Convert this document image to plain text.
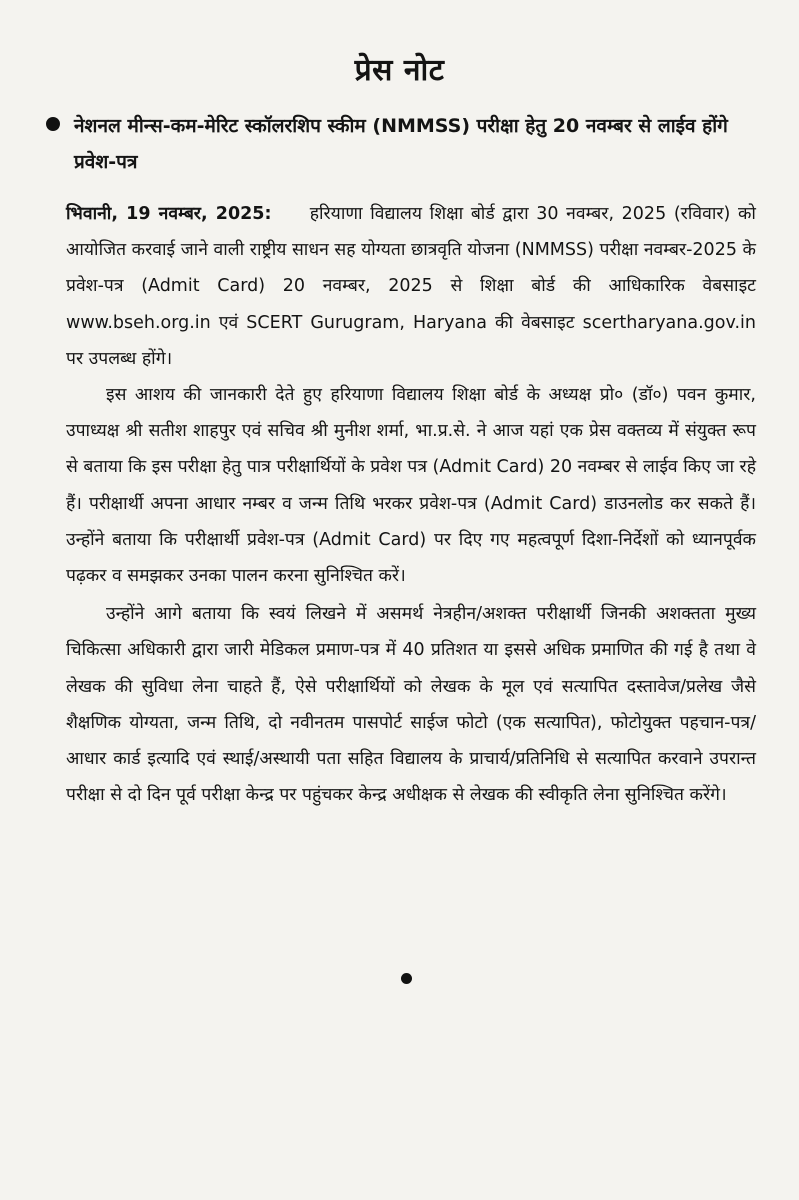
प्रेस नोट
नेशनल मीन्स-कम-मेरिट स्कॉलरशिप स्कीम (NMMSS) परीक्षा हेतु 20 नवम्बर से लाईव होंगे प्रवेश-पत्र

भिवानी, 19 नवम्बर, 2025: हरियाणा विद्यालय शिक्षा बोर्ड द्वारा 30 नवम्बर, 2025 (रविवार) को आयोजित करवाई जाने वाली राष्ट्रीय साधन सह योग्यता छात्रवृति योजना (NMMSS) परीक्षा नवम्बर-2025 के प्रवेश-पत्र (Admit Card) 20 नवम्बर, 2025 से शिक्षा बोर्ड की आधिकारिक वेबसाइट www.bseh.org.in एवं SCERT Gurugram, Haryana की वेबसाइट scertharyana.gov.in पर उपलब्ध होंगे।

इस आशय की जानकारी देते हुए हरियाणा विद्यालय शिक्षा बोर्ड के अध्यक्ष प्रो० (डॉ०) पवन कुमार, उपाध्यक्ष श्री सतीश शाहपुर एवं सचिव श्री मुनीश शर्मा, भा.प्र.से. ने आज यहां एक प्रेस वक्तव्य में संयुक्त रूप से बताया कि इस परीक्षा हेतु पात्र परीक्षार्थियों के प्रवेश पत्र (Admit Card) 20 नवम्बर से लाईव किए जा रहे हैं। परीक्षार्थी अपना आधार नम्बर व जन्म तिथि भरकर प्रवेश-पत्र (Admit Card) डाउनलोड कर सकते हैं। उन्होंने बताया कि परीक्षार्थी प्रवेश-पत्र (Admit Card) पर दिए गए महत्वपूर्ण दिशा-निर्देशों को ध्यानपूर्वक पढ़कर व समझकर उनका पालन करना सुनिश्चित करें।

उन्होंने आगे बताया कि स्वयं लिखने में असमर्थ नेत्रहीन/अशक्त परीक्षार्थी जिनकी अशक्तता मुख्य चिकित्सा अधिकारी द्वारा जारी मेडिकल प्रमाण-पत्र में 40 प्रतिशत या इससे अधिक प्रमाणित की गई है तथा वे लेखक की सुविधा लेना चाहते हैं, ऐसे परीक्षार्थियों को लेखक के मूल एवं सत्यापित दस्तावेज/प्रलेख जैसे शैक्षणिक योग्यता, जन्म तिथि, दो नवीनतम पासपोर्ट साईज फोटो (एक सत्यापित), फोटोयुक्त पहचान-पत्र/आधार कार्ड इत्यादि एवं स्थाई/अस्थायी पता सहित विद्यालय के प्राचार्य/प्रतिनिधि से सत्यापित करवाने उपरान्त परीक्षा से दो दिन पूर्व परीक्षा केन्द्र पर पहुंचकर केन्द्र अधीक्षक से लेखक की स्वीकृति लेना सुनिश्चित करेंगे।
